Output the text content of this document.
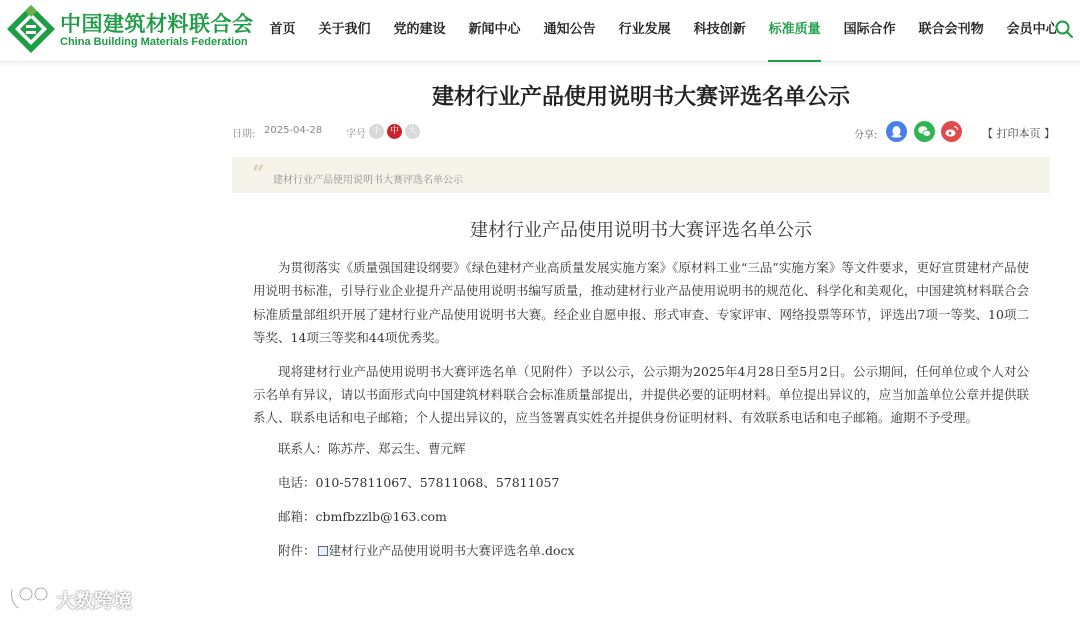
中国建筑材料联合会
China Building Materials Federation
首页	关于我们	党的建设	新闻中心	通知公告	行业发展	科技创新	标准质量	国际合作	联合会刊物	会员中心
建材行业产品使用说明书大赛评选名单公示
日期: 2025-04-28 字号 小 中 大	分享:	【 打印本页 】
“ 建材行业产品使用说明书大赛评选名单公示
建材行业产品使用说明书大赛评选名单公示

为贯彻落实《质量强国建设纲要》《绿色建材产业高质量发展实施方案》《原材料工业“三品”实施方案》等文件要求，更好宣贯建材产品使用说明书标准，引导行业企业提升产品使用说明书编写质量，推动建材行业产品使用说明书的规范化、科学化和美观化，中国建筑材料联合会标准质量部组织开展了建材行业产品使用说明书大赛。经企业自愿申报、形式审查、专家评审、网络投票等环节，评选出7项一等奖、10项二等奖、14项三等奖和44项优秀奖。

现将建材行业产品使用说明书大赛评选名单（见附件）予以公示，公示期为2025年4月28日至5月2日。公示期间，任何单位或个人对公示名单有异议，请以书面形式向中国建筑材料联合会标准质量部提出，并提供必要的证明材料。单位提出异议的，应当加盖单位公章并提供联系人、联系电话和电子邮箱；个人提出异议的，应当签署真实姓名并提供身份证明材料、有效联系电话和电子邮箱。逾期不予受理。

联系人：陈苏芹、郑云生、曹元辉
电话：010-57811067、57811068、57811057
邮箱：cbmfbzzlb@163.com
附件： 建材行业产品使用说明书大赛评选名单.docx
大数跨境
